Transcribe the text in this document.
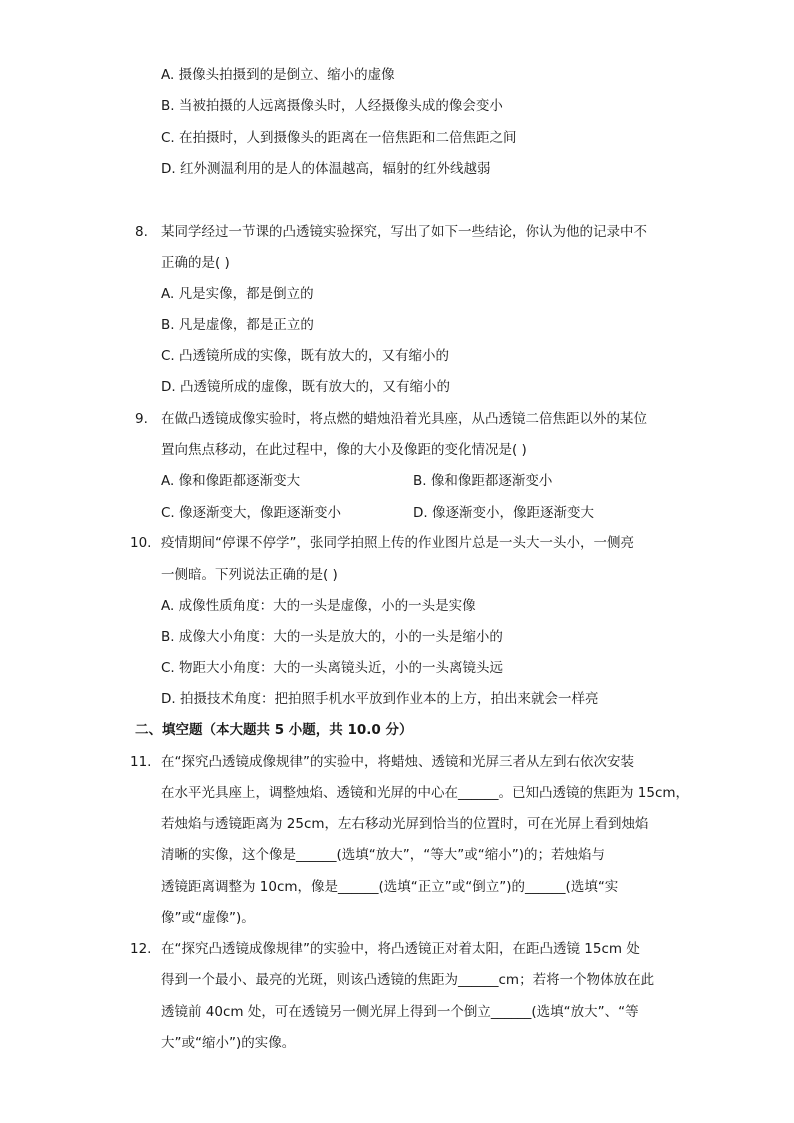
A. 摄像头拍摄到的是倒立、缩小的虚像
B. 当被拍摄的人远离摄像头时，人经摄像头成的像会变小
C. 在拍摄时，人到摄像头的距离在一倍焦距和二倍焦距之间
D. 红外测温利用的是人的体温越高，辐射的红外线越弱
8. 某同学经过一节课的凸透镜实验探究，写出了如下一些结论，你认为他的记录中不
正确的是( )
A. 凡是实像，都是倒立的
B. 凡是虚像，都是正立的
C. 凸透镜所成的实像，既有放大的，又有缩小的
D. 凸透镜所成的虚像，既有放大的，又有缩小的
9. 在做凸透镜成像实验时，将点燃的蜡烛沿着光具座，从凸透镜二倍焦距以外的某位
置向焦点移动，在此过程中，像的大小及像距的变化情况是( )
A. 像和像距都逐渐变大	B. 像和像距都逐渐变小
C. 像逐渐变大，像距逐渐变小	D. 像逐渐变小，像距逐渐变大
10. 疫情期间“停课不停学”，张同学拍照上传的作业图片总是一头大一头小，一侧亮
一侧暗。下列说法正确的是( )
A. 成像性质角度：大的一头是虚像，小的一头是实像
B. 成像大小角度：大的一头是放大的，小的一头是缩小的
C. 物距大小角度：大的一头离镜头近，小的一头离镜头远
D. 拍摄技术角度：把拍照手机水平放到作业本的上方，拍出来就会一样亮
二、填空题（本大题共 5 小题，共 10.0 分）
11. 在“探究凸透镜成像规律”的实验中，将蜡烛、透镜和光屏三者从左到右依次安装
在水平光具座上，调整烛焰、透镜和光屏的中心在______。已知凸透镜的焦距为 15cm，
若烛焰与透镜距离为 25cm，左右移动光屏到恰当的位置时，可在光屏上看到烛焰
清晰的实像，这个像是______(选填“放大”，“等大”或“缩小”)的；若烛焰与
透镜距离调整为 10cm，像是______(选填“正立”或“倒立”)的______(选填“实
像”或“虚像”)。
12. 在“探究凸透镜成像规律”的实验中，将凸透镜正对着太阳，在距凸透镜 15cm 处
得到一个最小、最亮的光斑，则该凸透镜的焦距为______cm；若将一个物体放在此
透镜前 40cm 处，可在透镜另一侧光屏上得到一个倒立______(选填“放大”、“等
大”或“缩小”)的实像。
